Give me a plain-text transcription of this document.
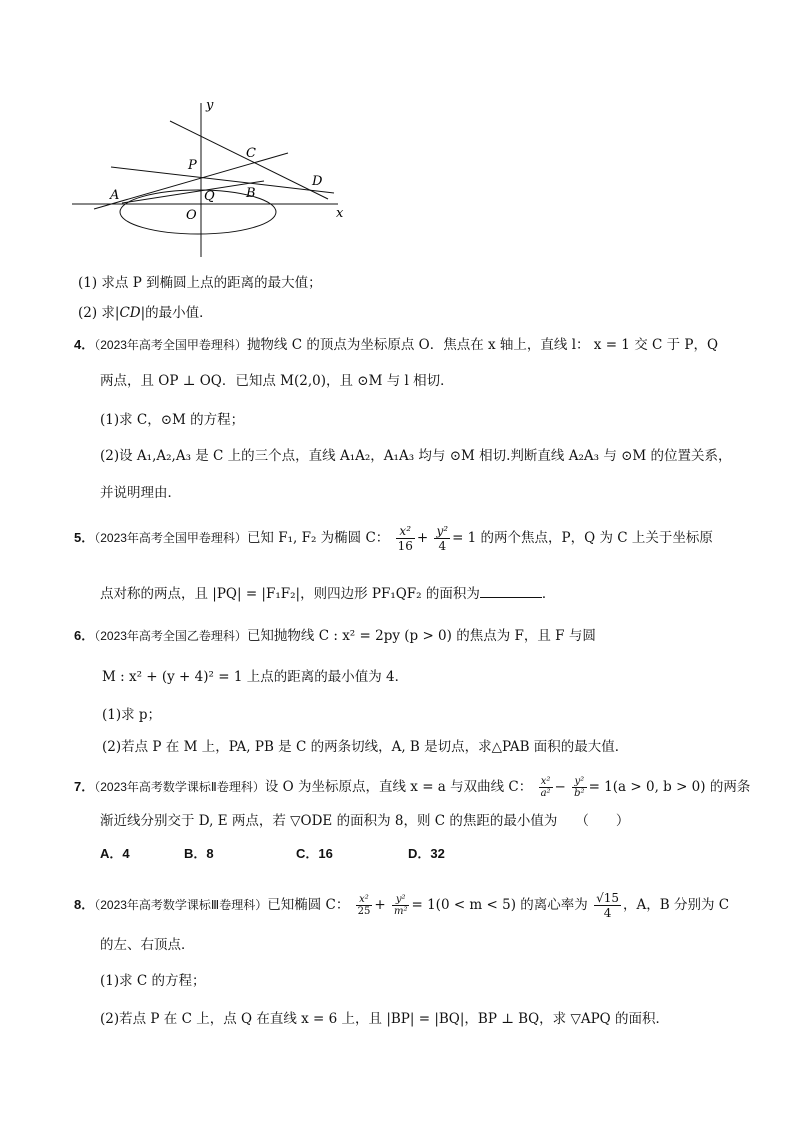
y
x
P
C
D
A	B
Q
O
(1) 求点 P 到椭圆上点的距离的最大值；
(2) 求|CD|的最小值．
4．（2023年高考全国甲卷理科）抛物线 C 的顶点为坐标原点 O．焦点在 x 轴上，直线 l： x = 1 交 C 于 P，Q
两点，且 OP ⊥ OQ．已知点 M(2,0)，且 ⊙M 与 l 相切．
(1)求 C，⊙M 的方程；
(2)设 A₁,A₂,A₃ 是 C 上的三个点，直线 A₁A₂，A₁A₃ 均与 ⊙M 相切.判断直线 A₂A₃ 与 ⊙M 的位置关系，
并说明理由．
5．（2023年高考全国甲卷理科）已知 F₁, F₂ 为椭圆 C： $\frac{\text{x²}}{16} + \frac{\text{y²}}{4} = 1$ 的两个焦点，P，Q 为 C 上关于坐标原
点对称的两点，且 |PQ| = |F₁F₂|，则四边形 PF₁QF₂ 的面积为	．
6．（2023年高考全国乙卷理科）已知抛物线 C : x² = 2py (p > 0) 的焦点为 F，且 F 与圆
M : x² + (y + 4)² = 1 上点的距离的最小值为 4．
(1)求 p；
(2)若点 P 在 M 上，PA, PB 是 C 的两条切线，A, B 是切点，求△PAB 面积的最大值．
7．（2023年高考数学课标Ⅱ卷理科）设 O 为坐标原点，直线 x = a 与双曲线 C： $\frac{\text{x²}}{\text{a²}} - \frac{\text{y²}}{\text{b²}} = 1(a > 0$, b > 0) 的两条
渐近线分别交于 D, E 两点，若 ▽ODE 的面积为 8，则 C 的焦距的最小值为 （　　）
A．4	B．8	C．16	D．32
8．（2023年高考数学课标Ⅲ卷理科）已知椭圆 C： $\frac{\text{x²}}{25} + \frac{\text{y²}}{\text{m²}} = 1(0 < m < 5)$ 的离心率为 $\frac{√15}{4}$ ，A，B 分别为 C
的左、右顶点．
(1)求 C 的方程；
(2)若点 P 在 C 上，点 Q 在直线 x = 6 上，且 |BP| = |BQ|，BP ⊥ BQ，求 ▽APQ 的面积．
